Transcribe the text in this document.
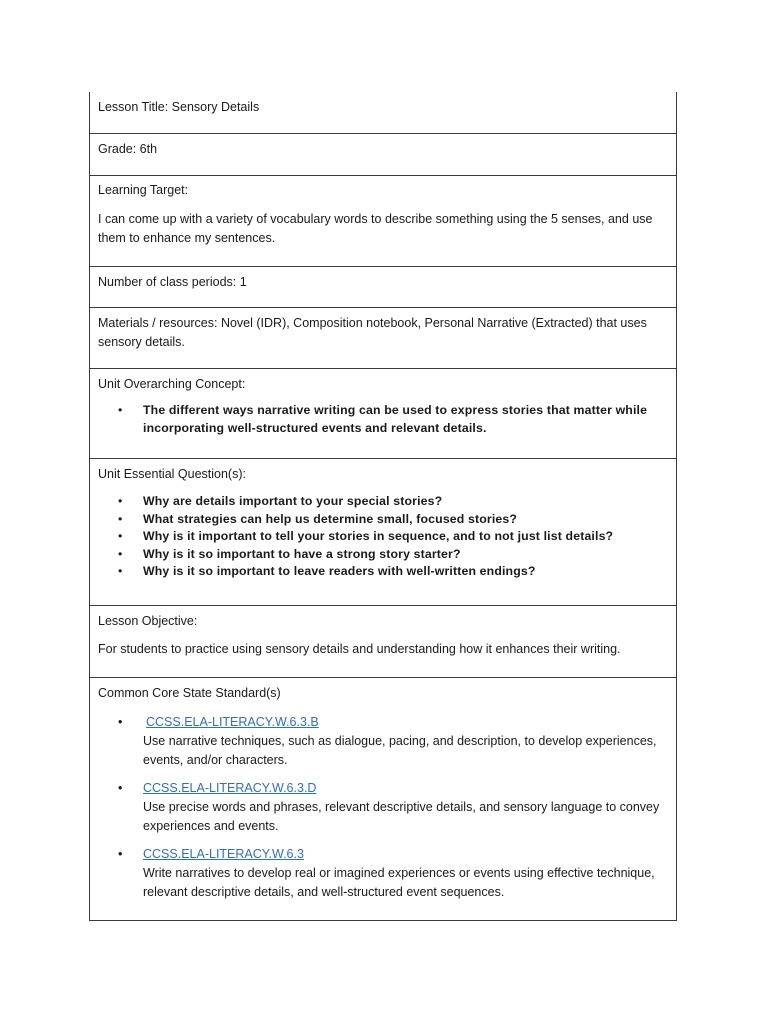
Lesson Title: Sensory Details

Grade: 6th

Learning Target:

I can come up with a variety of vocabulary words to describe something using the 5 senses, and use them to enhance my sentences.

Number of class periods: 1

Materials / resources: Novel (IDR), Composition notebook, Personal Narrative (Extracted) that uses sensory details.

Unit Overarching Concept:

• The different ways narrative writing can be used to express stories that matter while incorporating well-structured events and relevant details.

Unit Essential Question(s):

• Why are details important to your special stories?
• What strategies can help us determine small, focused stories?
• Why is it important to tell your stories in sequence, and to not just list details?
• Why is it so important to have a strong story starter?
• Why is it so important to leave readers with well-written endings?

Lesson Objective:

For students to practice using sensory details and understanding how it enhances their writing.

Common Core State Standard(s)

• CCSS.ELA-LITERACY.W.6.3.B
Use narrative techniques, such as dialogue, pacing, and description, to develop experiences, events, and/or characters.
• CCSS.ELA-LITERACY.W.6.3.D
Use precise words and phrases, relevant descriptive details, and sensory language to convey experiences and events.
• CCSS.ELA-LITERACY.W.6.3
Write narratives to develop real or imagined experiences or events using effective technique, relevant descriptive details, and well-structured event sequences.
